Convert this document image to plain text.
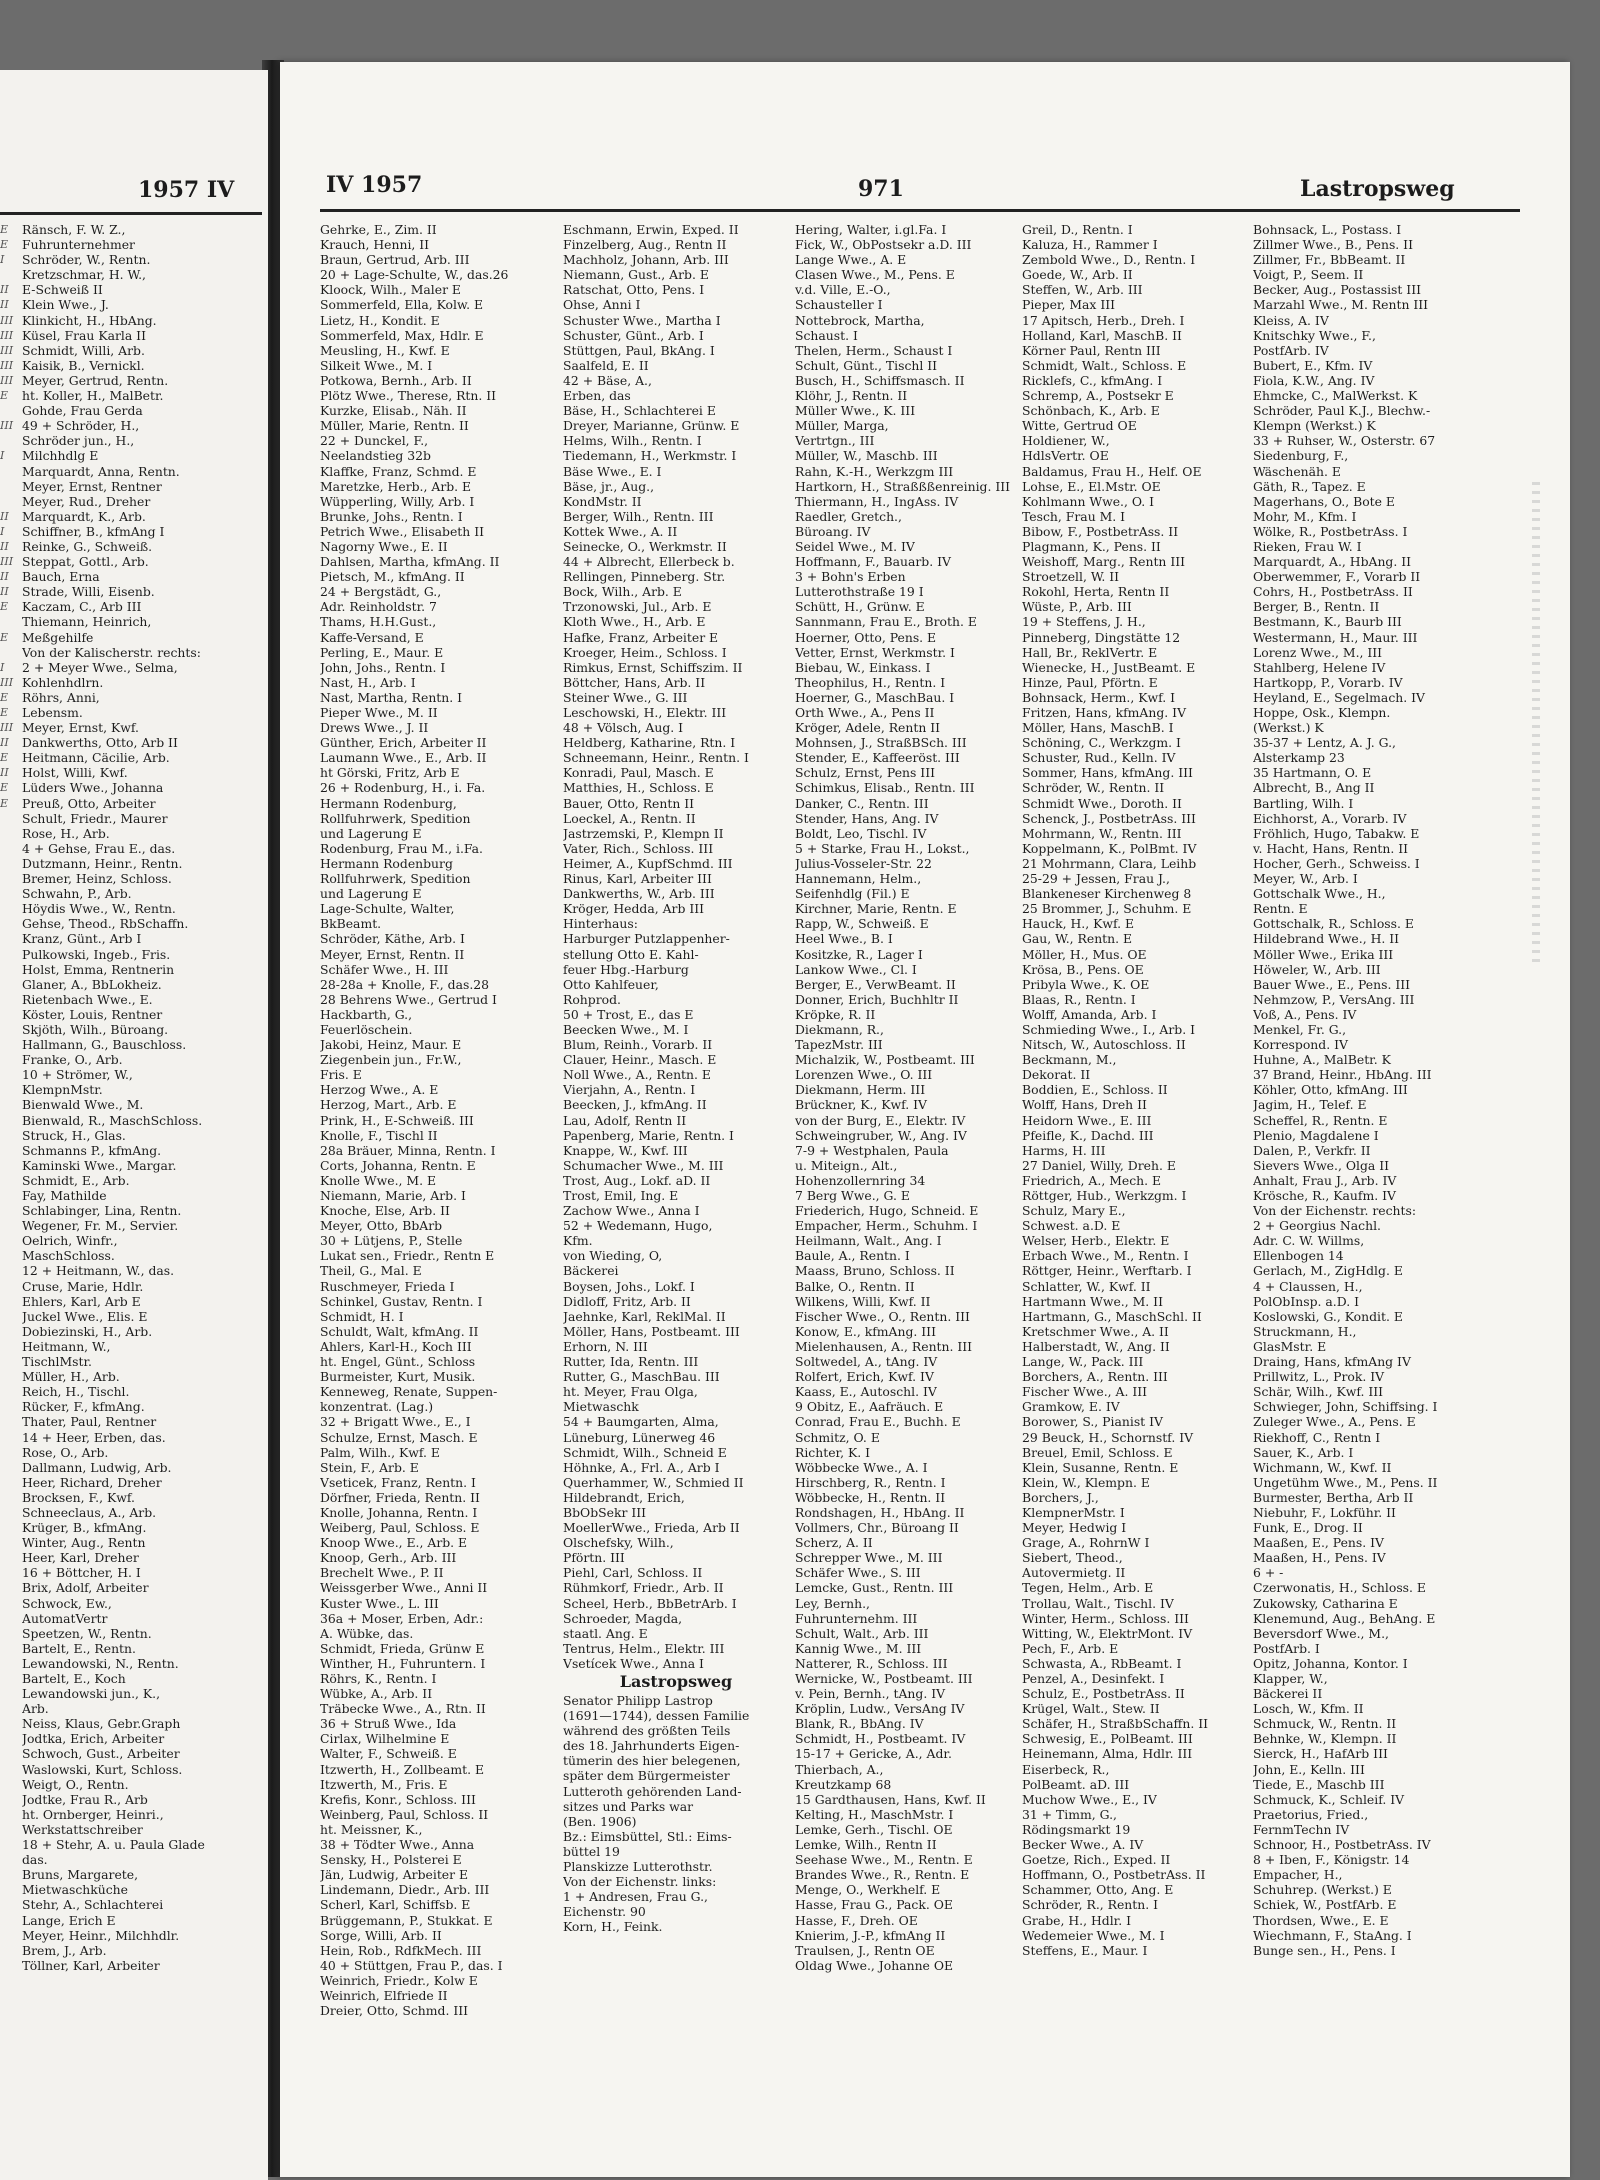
1957 IV
E
E
I
II
II
III
III
III
III
III
E
III
I
II
I
II
III
II
II
E
E
I
III
E
E
III
II
E
II
E
E
Ränsch, F. W. Z.,
Fuhrunternehmer
Schröder, W., Rentn.
Kretzschmar, H. W.,
E-Schweiß II
Klein Wwe., J.
Klinkicht, H., HbAng.
Küsel, Frau Karla II
Schmidt, Willi, Arb.
Kaisik, B., Vernickl.
Meyer, Gertrud, Rentn.
ht. Koller, H., MalBetr.
Gohde, Frau Gerda
49 + Schröder, H.,
Schröder jun., H.,
Milchhdlg E
Marquardt, Anna, Rentn.
Meyer, Ernst, Rentner
Meyer, Rud., Dreher
Marquardt, K., Arb.
Schiffner, B., kfmAng I
Reinke, G., Schweiß.
Steppat, Gottl., Arb.
Bauch, Erna
Strade, Willi, Eisenb.
Kaczam, C., Arb III
Thiemann, Heinrich,
Meßgehilfe
Von der Kalischerstr. rechts:
2 + Meyer Wwe., Selma,
Kohlenhdlrn.
Röhrs, Anni,
Lebensm.
Meyer, Ernst, Kwf.
Dankwerths, Otto, Arb II
Heitmann, Cäcilie, Arb.
Holst, Willi, Kwf.
Lüders Wwe., Johanna
Preuß, Otto, Arbeiter
Schult, Friedr., Maurer
Rose, H., Arb.
4 + Gehse, Frau E., das.
Dutzmann, Heinr., Rentn.
Bremer, Heinz, Schloss.
Schwahn, P., Arb.
Höydis Wwe., W., Rentn.
Gehse, Theod., RbSchaffn.
Kranz, Günt., Arb I
Pulkowski, Ingeb., Fris.
Holst, Emma, Rentnerin
Glaner, A., BbLokheiz.
Rietenbach Wwe., E.
Köster, Louis, Rentner
Skjöth, Wilh., Büroang.
Hallmann, G., Bauschloss.
Franke, O., Arb.
10 + Strömer, W.,
KlempnMstr.
Bienwald Wwe., M.
Bienwald, R., MaschSchloss.
Struck, H., Glas.
Schmanns P., kfmAng.
Kaminski Wwe., Margar.
Schmidt, E., Arb.
Fay, Mathilde
Schlabinger, Lina, Rentn.
Wegener, Fr. M., Servier.
Oelrich, Winfr.,
MaschSchloss.
12 + Heitmann, W., das.
Cruse, Marie, Hdlr.
Ehlers, Karl, Arb E
Juckel Wwe., Elis. E
Dobiezinski, H., Arb.
Heitmann, W.,
TischlMstr.
Müller, H., Arb.
Reich, H., Tischl.
Rücker, F., kfmAng.
Thater, Paul, Rentner
14 + Heer, Erben, das.
Rose, O., Arb.
Dallmann, Ludwig, Arb.
Heer, Richard, Dreher
Brocksen, F., Kwf.
Schneeclaus, A., Arb.
Krüger, B., kfmAng.
Winter, Aug., Rentn
Heer, Karl, Dreher
16 + Böttcher, H. I
Brix, Adolf, Arbeiter
Schwock, Ew.,
AutomatVertr
Speetzen, W., Rentn.
Bartelt, E., Rentn.
Lewandowski, N., Rentn.
Bartelt, E., Koch
Lewandowski jun., K.,
Arb.
Neiss, Klaus, Gebr.Graph
Jodtka, Erich, Arbeiter
Schwoch, Gust., Arbeiter
Waslowski, Kurt, Schloss.
Weigt, O., Rentn.
Jodtke, Frau R., Arb
ht. Ornberger, Heinri.,
Werkstattschreiber
18 + Stehr, A. u. Paula Glade
das.
Bruns, Margarete,
Mietwaschküche
Stehr, A., Schlachterei
Lange, Erich E
Meyer, Heinr., Milchhdlr.
Brem, J., Arb.
Töllner, Karl, Arbeiter
IV 1957	971	Lastropsweg
Gehrke, E., Zim. II
Krauch, Henni, II
Braun, Gertrud, Arb. III
20 + Lage-Schulte, W., das.26
Kloock, Wilh., Maler E
Sommerfeld, Ella, Kolw. E
Lietz, H., Kondit. E
Sommerfeld, Max, Hdlr. E
Meusling, H., Kwf. E
Silkeit Wwe., M. I
Potkowa, Bernh., Arb. II
Plötz Wwe., Therese, Rtn. II
Kurzke, Elisab., Näh. II
Müller, Marie, Rentn. II
22 + Dunckel, F.,
Neelandstieg 32b
Klaffke, Franz, Schmd. E
Maretzke, Herb., Arb. E
Wüpperling, Willy, Arb. I
Brunke, Johs., Rentn. I
Petrich Wwe., Elisabeth II
Nagorny Wwe., E. II
Dahlsen, Martha, kfmAng. II
Pietsch, M., kfmAng. II
24 + Bergstädt, G.,
Adr. Reinholdstr. 7
Thams, H.H.Gust.,
Kaffe-Versand, E
Perling, E., Maur. E
John, Johs., Rentn. I
Nast, H., Arb. I
Nast, Martha, Rentn. I
Pieper Wwe., M. II
Drews Wwe., J. II
Günther, Erich, Arbeiter II
Laumann Wwe., E., Arb. II
ht Görski, Fritz, Arb E
26 + Rodenburg, H., i. Fa.
Hermann Rodenburg,
Rollfuhrwerk, Spedition
und Lagerung E
Rodenburg, Frau M., i.Fa.
Hermann Rodenburg
Rollfuhrwerk, Spedition
und Lagerung E
Lage-Schulte, Walter,
BkBeamt.
Schröder, Käthe, Arb. I
Meyer, Ernst, Rentn. II
Schäfer Wwe., H. III
28-28a + Knolle, F., das.28
28 Behrens Wwe., Gertrud I
Hackbarth, G.,
Feuerlöschein.
Jakobi, Heinz, Maur. E
Ziegenbein jun., Fr.W.,
Fris. E
Herzog Wwe., A. E
Herzog, Mart., Arb. E
Prink, H., E-Schweiß. III
Knolle, F., Tischl II
28a Bräuer, Minna, Rentn. I
Corts, Johanna, Rentn. E
Knolle Wwe., M. E
Niemann, Marie, Arb. I
Knoche, Else, Arb. II
Meyer, Otto, BbArb
30 + Lütjens, P., Stelle
Lukat sen., Friedr., Rentn E
Theil, G., Mal. E
Ruschmeyer, Frieda I
Schinkel, Gustav, Rentn. I
Schmidt, H. I
Schuldt, Walt, kfmAng. II
Ahlers, Karl-H., Koch III
ht. Engel, Günt., Schloss
Burmeister, Kurt, Musik.
Kenneweg, Renate, Suppen-
konzentrat. (Lag.)
32 + Brigatt Wwe., E., I
Schulze, Ernst, Masch. E
Palm, Wilh., Kwf. E
Stein, F., Arb. E
Vseticek, Franz, Rentn. I
Dörfner, Frieda, Rentn. II
Knolle, Johanna, Rentn. I
Weiberg, Paul, Schloss. E
Knoop Wwe., E., Arb. E
Knoop, Gerh., Arb. III
Brechelt Wwe., P. II
Weissgerber Wwe., Anni II
Kuster Wwe., L. III
36a + Moser, Erben, Adr.:
A. Wübke, das.
Schmidt, Frieda, Grünw E
Winther, H., Fuhruntern. I
Röhrs, K., Rentn. I
Wübke, A., Arb. II
Träbecke Wwe., A., Rtn. II
36 + Struß Wwe., Ida
Cirlax, Wilhelmine E
Walter, F., Schweiß. E
Itzwerth, H., Zollbeamt. E
Itzwerth, M., Fris. E
Krefis, Konr., Schloss. III
Weinberg, Paul, Schloss. II
ht. Meissner, K.,
38 + Tödter Wwe., Anna
Sensky, H., Polsterei E
Jän, Ludwig, Arbeiter E
Lindemann, Diedr., Arb. III
Scherl, Karl, Schiffsb. E
Brüggemann, P., Stukkat. E
Sorge, Willi, Arb. II
Hein, Rob., RdfkMech. III
40 + Stüttgen, Frau P., das. I
Weinrich, Friedr., Kolw E
Weinrich, Elfriede II
Dreier, Otto, Schmd. III
Eschmann, Erwin, Exped. II
Finzelberg, Aug., Rentn II
Machholz, Johann, Arb. III
Niemann, Gust., Arb. E
Ratschat, Otto, Pens. I
Ohse, Anni I
Schuster Wwe., Martha I
Schuster, Günt., Arb. I
Stüttgen, Paul, BkAng. I
Saalfeld, E. II
42 + Bäse, A.,
Erben, das
Bäse, H., Schlachterei E
Dreyer, Marianne, Grünw. E
Helms, Wilh., Rentn. I
Tiedemann, H., Werkmstr. I
Bäse Wwe., E. I
Bäse, jr., Aug.,
KondMstr. II
Berger, Wilh., Rentn. III
Kottek Wwe., A. II
Seinecke, O., Werkmstr. II
44 + Albrecht, Ellerbeck b.
Rellingen, Pinneberg. Str.
Bock, Wilh., Arb. E
Trzonowski, Jul., Arb. E
Kloth Wwe., H., Arb. E
Hafke, Franz, Arbeiter E
Kroeger, Heim., Schloss. I
Rimkus, Ernst, Schiffszim. II
Böttcher, Hans, Arb. II
Steiner Wwe., G. III
Leschowski, H., Elektr. III
48 + Völsch, Aug. I
Heldberg, Katharine, Rtn. I
Schneemann, Heinr., Rentn. I
Konradi, Paul, Masch. E
Matthies, H., Schloss. E
Bauer, Otto, Rentn II
Loeckel, A., Rentn. II
Jastrzemski, P., Klempn II
Vater, Rich., Schloss. III
Heimer, A., KupfSchmd. III
Rinus, Karl, Arbeiter III
Dankwerths, W., Arb. III
Kröger, Hedda, Arb III
Hinterhaus:
Harburger Putzlappenher-
stellung Otto E. Kahl-
feuer Hbg.-Harburg
Otto Kahlfeuer,
Rohprod.
50 + Trost, E., das E
Beecken Wwe., M. I
Blum, Reinh., Vorarb. II
Clauer, Heinr., Masch. E
Noll Wwe., A., Rentn. E
Vierjahn, A., Rentn. I
Beecken, J., kfmAng. II
Lau, Adolf, Rentn II
Papenberg, Marie, Rentn. I
Knappe, W., Kwf. III
Schumacher Wwe., M. III
Trost, Aug., Lokf. aD. II
Trost, Emil, Ing. E
Zachow Wwe., Anna I
52 + Wedemann, Hugo,
Kfm.
von Wieding, O,
Bäckerei
Boysen, Johs., Lokf. I
Didloff, Fritz, Arb. II
Jaehnke, Karl, ReklMal. II
Möller, Hans, Postbeamt. III
Erhorn, N. III
Rutter, Ida, Rentn. III
Rutter, G., MaschBau. III
ht. Meyer, Frau Olga,
Mietwaschk
54 + Baumgarten, Alma,
Lüneburg, Lünerweg 46
Schmidt, Wilh., Schneid E
Höhnke, A., Frl. A., Arb I
Querhammer, W., Schmied II
Hildebrandt, Erich,
BbObSekr III
MoellerWwe., Frieda, Arb II
Olschefsky, Wilh.,
Pförtn. III
Piehl, Carl, Schloss. II
Rühmkorf, Friedr., Arb. II
Scheel, Herb., BbBetrArb. I
Schroeder, Magda,
staatl. Ang. E
Tentrus, Helm., Elektr. III
Vsetícek Wwe., Anna I
Lastropsweg
Senator Philipp Lastrop
(1691—1744), dessen Familie
während des größten Teils
des 18. Jahrhunderts Eigen-
tümerin des hier belegenen,
später dem Bürgermeister
Lutteroth gehörenden Land-
sitzes und Parks war
(Ben. 1906)
Bz.: Eimsbüttel, Stl.: Eims-
büttel 19
Planskizze Lutterothstr.
Von der Eichenstr. links:
1 + Andresen, Frau G.,
Eichenstr. 90
Korn, H., Feink.
Hering, Walter, i.gl.Fa. I
Fick, W., ObPostsekr a.D. III
Lange Wwe., A. E
Clasen Wwe., M., Pens. E
v.d. Ville, E.-O.,
Schausteller I
Nottebrock, Martha,
Schaust. I
Thelen, Herm., Schaust I
Schult, Günt., Tischl II
Busch, H., Schiffsmasch. II
Klöhr, J., Rentn. II
Müller Wwe., K. III
Müller, Marga,
Vertrtgn., III
Müller, W., Maschb. III
Rahn, K.-H., Werkzgm III
Hartkorn, H., Straßßßenreinig. III
Thiermann, H., IngAss. IV
Raedler, Gretch.,
Büroang. IV
Seidel Wwe., M. IV
Hoffmann, F., Bauarb. IV
3 + Bohn's Erben
Lutterothstraße 19 I
Schütt, H., Grünw. E
Sannmann, Frau E., Broth. E
Hoerner, Otto, Pens. E
Vetter, Ernst, Werkmstr. I
Biebau, W., Einkass. I
Theophilus, H., Rentn. I
Hoerner, G., MaschBau. I
Orth Wwe., A., Pens II
Kröger, Adele, Rentn II
Mohnsen, J., StraßBSch. III
Stender, E., Kaffeeröst. III
Schulz, Ernst, Pens III
Schimkus, Elisab., Rentn. III
Danker, C., Rentn. III
Stender, Hans, Ang. IV
Boldt, Leo, Tischl. IV
5 + Starke, Frau H., Lokst.,
Julius-Vosseler-Str. 22
Hannemann, Helm.,
Seifenhdlg (Fil.) E
Kirchner, Marie, Rentn. E
Rapp, W., Schweiß. E
Heel Wwe., B. I
Kositzke, R., Lager I
Lankow Wwe., Cl. I
Berger, E., VerwBeamt. II
Donner, Erich, Buchhltr II
Kröpke, R. II
Diekmann, R.,
TapezMstr. III
Michalzik, W., Postbeamt. III
Lorenzen Wwe., O. III
Diekmann, Herm. III
Brückner, K., Kwf. IV
von der Burg, E., Elektr. IV
Schweingruber, W., Ang. IV
7-9 + Westphalen, Paula
u. Miteign., Alt.,
Hohenzollernring 34
7 Berg Wwe., G. E
Friederich, Hugo, Schneid. E
Empacher, Herm., Schuhm. I
Heilmann, Walt., Ang. I
Baule, A., Rentn. I
Maass, Bruno, Schloss. II
Balke, O., Rentn. II
Wilkens, Willi, Kwf. II
Fischer Wwe., O., Rentn. III
Konow, E., kfmAng. III
Mielenhausen, A., Rentn. III
Soltwedel, A., tAng. IV
Rolfert, Erich, Kwf. IV
Kaass, E., Autoschl. IV
9 Obitz, E., Aafräuch. E
Conrad, Frau E., Buchh. E
Schmitz, O. E
Richter, K. I
Wöbbecke Wwe., A. I
Hirschberg, R., Rentn. I
Wöbbecke, H., Rentn. II
Rondshagen, H., HbAng. II
Vollmers, Chr., Büroang II
Scherz, A. II
Schrepper Wwe., M. III
Schäfer Wwe., S. III
Lemcke, Gust., Rentn. III
Ley, Bernh.,
Fuhrunternehm. III
Schult, Walt., Arb. III
Kannig Wwe., M. III
Natterer, R., Schloss. III
Wernicke, W., Postbeamt. III
v. Pein, Bernh., tAng. IV
Kröplin, Ludw., VersAng IV
Blank, R., BbAng. IV
Schmidt, H., Postbeamt. IV
15-17 + Gericke, A., Adr.
Thierbach, A.,
Kreutzkamp 68
15 Gardthausen, Hans, Kwf. II
Kelting, H., MaschMstr. I
Lemke, Gerh., Tischl. OE
Lemke, Wilh., Rentn II
Seehase Wwe., M., Rentn. E
Brandes Wwe., R., Rentn. E
Menge, O., Werkhelf. E
Hasse, Frau G., Pack. OE
Hasse, F., Dreh. OE
Knierim, J.-P., kfmAng II
Traulsen, J., Rentn OE
Oldag Wwe., Johanne OE
Greil, D., Rentn. I
Kaluza, H., Rammer I
Zembold Wwe., D., Rentn. I
Goede, W., Arb. II
Steffen, W., Arb. III
Pieper, Max III
17 Apitsch, Herb., Dreh. I
Holland, Karl, MaschB. II
Körner Paul, Rentn III
Schmidt, Walt., Schloss. E
Ricklefs, C., kfmAng. I
Schremp, A., Postsekr E
Schönbach, K., Arb. E
Witte, Gertrud OE
Holdiener, W.,
HdlsVertr. OE
Baldamus, Frau H., Helf. OE
Lohse, E., El.Mstr. OE
Kohlmann Wwe., O. I
Tesch, Frau M. I
Bibow, F., PostbetrAss. II
Plagmann, K., Pens. II
Weishoff, Marg., Rentn III
Stroetzell, W. II
Rokohl, Herta, Rentn II
Wüste, P., Arb. III
19 + Steffens, J. H.,
Pinneberg, Dingstätte 12
Hall, Br., ReklVertr. E
Wienecke, H., JustBeamt. E
Hinze, Paul, Pförtn. E
Bohnsack, Herm., Kwf. I
Fritzen, Hans, kfmAng. IV
Möller, Hans, MaschB. I
Schöning, C., Werkzgm. I
Schuster, Rud., Kelln. IV
Sommer, Hans, kfmAng. III
Schröder, W., Rentn. II
Schmidt Wwe., Doroth. II
Schenck, J., PostbetrAss. III
Mohrmann, W., Rentn. III
Koppelmann, K., PolBmt. IV
21 Mohrmann, Clara, Leihb
25-29 + Jessen, Frau J.,
Blankeneser Kirchenweg 8
25 Brommer, J., Schuhm. E
Hauck, H., Kwf. E
Gau, W., Rentn. E
Möller, H., Mus. OE
Krösa, B., Pens. OE
Pribyla Wwe., K. OE
Blaas, R., Rentn. I
Wolff, Amanda, Arb. I
Schmieding Wwe., I., Arb. I
Nitsch, W., Autoschloss. II
Beckmann, M.,
Dekorat. II
Boddien, E., Schloss. II
Wolff, Hans, Dreh II
Heidorn Wwe., E. III
Pfeifle, K., Dachd. III
Harms, H. III
27 Daniel, Willy, Dreh. E
Friedrich, A., Mech. E
Röttger, Hub., Werkzgm. I
Schulz, Mary E.,
Schwest. a.D. E
Welser, Herb., Elektr. E
Erbach Wwe., M., Rentn. I
Röttger, Heinr., Werftarb. I
Schlatter, W., Kwf. II
Hartmann Wwe., M. II
Hartmann, G., MaschSchl. II
Kretschmer Wwe., A. II
Halberstadt, W., Ang. II
Lange, W., Pack. III
Borchers, A., Rentn. III
Fischer Wwe., A. III
Gramkow, E. IV
Borower, S., Pianist IV
29 Beuck, H., Schornstf. IV
Breuel, Emil, Schloss. E
Klein, Susanne, Rentn. E
Klein, W., Klempn. E
Borchers, J.,
KlempnerMstr. I
Meyer, Hedwig I
Grage, A., RohrnW I
Siebert, Theod.,
Autovermietg. II
Tegen, Helm., Arb. E
Trollau, Walt., Tischl. IV
Winter, Herm., Schloss. III
Witting, W., ElektrMont. IV
Pech, F., Arb. E
Schwasta, A., RbBeamt. I
Penzel, A., Desinfekt. I
Schulz, E., PostbetrAss. II
Krügel, Walt., Stew. II
Schäfer, H., StraßbSchaffn. II
Schwesig, E., PolBeamt. III
Heinemann, Alma, Hdlr. III
Eiserbeck, R.,
PolBeamt. aD. III
Muchow Wwe., E., IV
31 + Timm, G.,
Rödingsmarkt 19
Becker Wwe., A. IV
Goetze, Rich., Exped. II
Hoffmann, O., PostbetrAss. II
Schammer, Otto, Ang. E
Schröder, R., Rentn. I
Grabe, H., Hdlr. I
Wedemeier Wwe., M. I
Steffens, E., Maur. I
Bohnsack, L., Postass. I
Zillmer Wwe., B., Pens. II
Zillmer, Fr., BbBeamt. II
Voigt, P., Seem. II
Becker, Aug., Postassist III
Marzahl Wwe., M. Rentn III
Kleiss, A. IV
Knitschky Wwe., F.,
PostfArb. IV
Bubert, E., Kfm. IV
Fiola, K.W., Ang. IV
Ehmcke, C., MalWerkst. K
Schröder, Paul K.J., Blechw.-
Klempn (Werkst.) K
33 + Ruhser, W., Osterstr. 67
Siedenburg, F.,
Wäschenäh. E
Gäth, R., Tapez. E
Magerhans, O., Bote E
Mohr, M., Kfm. I
Wölke, R., PostbetrAss. I
Rieken, Frau W. I
Marquardt, A., HbAng. II
Oberwemmer, F., Vorarb II
Cohrs, H., PostbetrAss. II
Berger, B., Rentn. II
Bestmann, K., Baurb III
Westermann, H., Maur. III
Lorenz Wwe., M., III
Stahlberg, Helene IV
Hartkopp, P., Vorarb. IV
Heyland, E., Segelmach. IV
Hoppe, Osk., Klempn.
(Werkst.) K
35-37 + Lentz, A. J. G.,
Alsterkamp 23
35 Hartmann, O. E
Albrecht, B., Ang II
Bartling, Wilh. I
Eichhorst, A., Vorarb. IV
Fröhlich, Hugo, Tabakw. E
v. Hacht, Hans, Rentn. II
Hocher, Gerh., Schweiss. I
Meyer, W., Arb. I
Gottschalk Wwe., H.,
Rentn. E
Gottschalk, R., Schloss. E
Hildebrand Wwe., H. II
Möller Wwe., Erika III
Höweler, W., Arb. III
Bauer Wwe., E., Pens. III
Nehmzow, P., VersAng. III
Voß, A., Pens. IV
Menkel, Fr. G.,
Korrespond. IV
Huhne, A., MalBetr. K
37 Brand, Heinr., HbAng. III
Köhler, Otto, kfmAng. III
Jagim, H., Telef. E
Scheffel, R., Rentn. E
Plenio, Magdalene I
Dalen, P., Verkfr. II
Sievers Wwe., Olga II
Anhalt, Frau J., Arb. IV
Krösche, R., Kaufm. IV
Von der Eichenstr. rechts:
2 + Georgius Nachl.
Adr. C. W. Willms,
Ellenbogen 14
Gerlach, M., ZigHdlg. E
4 + Claussen, H.,
PolObInsp. a.D. I
Koslowski, G., Kondit. E
Struckmann, H.,
GlasMstr. E
Draing, Hans, kfmAng IV
Prillwitz, L., Prok. IV
Schär, Wilh., Kwf. III
Schwieger, John, Schiffsing. I
Zuleger Wwe., A., Pens. E
Riekhoff, C., Rentn I
Sauer, K., Arb. I
Wichmann, W., Kwf. II
Ungetühm Wwe., M., Pens. II
Burmester, Bertha, Arb II
Niebuhr, F., Lokführ. II
Funk, E., Drog. II
Maaßen, E., Pens. IV
Maaßen, H., Pens. IV
6 + -
Czerwonatis, H., Schloss. E
Zukowsky, Catharina E
Klenemund, Aug., BehAng. E
Beversdorf Wwe., M.,
PostfArb. I
Opitz, Johanna, Kontor. I
Klapper, W.,
Bäckerei II
Losch, W., Kfm. II
Schmuck, W., Rentn. II
Behnke, W., Klempn. II
Sierck, H., HafArb III
John, E., Kelln. III
Tiede, E., Maschb III
Schmuck, K., Schleif. IV
Praetorius, Fried.,
FernmTechn IV
Schnoor, H., PostbetrAss. IV
8 + Iben, F., Königstr. 14
Empacher, H.,
Schuhrep. (Werkst.) E
Schiek, W., PostfArb. E
Thordsen, Wwe., E. E
Wiechmann, F., StaAng. I
Bunge sen., H., Pens. I
